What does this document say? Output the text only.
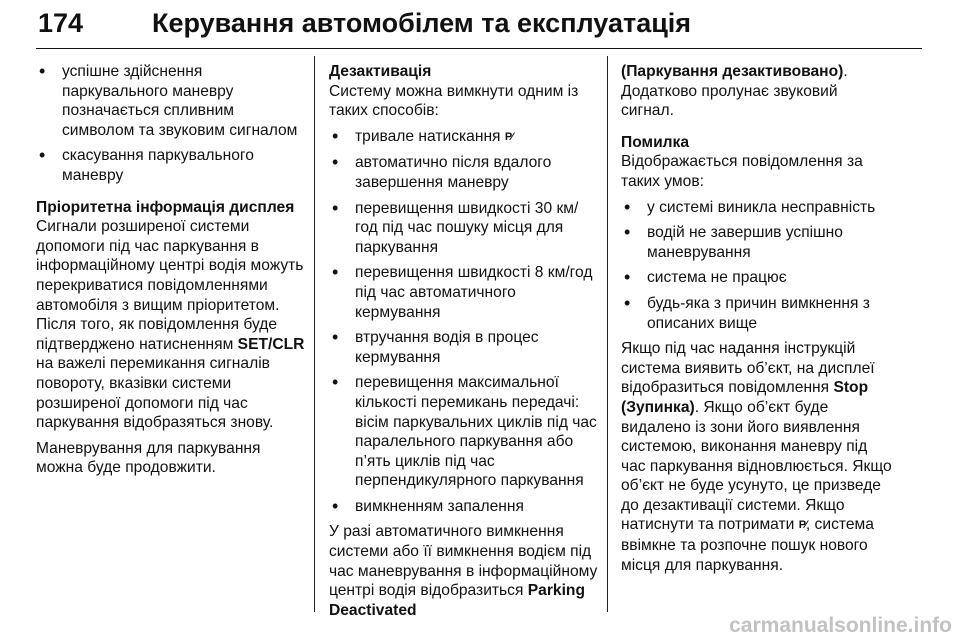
174	Керування автомобілем та експлуатація
• успішне здійснення паркувального маневру позначається спливним символом та звуковим сигналом
• скасування паркувального маневру
Пріоритетна інформація дисплея
Сигнали розширеної системи допомоги під час паркування в інформаційному центрі водія можуть перекриватися повідомленнями автомобіля з вищим пріоритетом. Після того, як повідомлення буде підтверджено натисненням SET/CLR на важелі перемикання сигналів повороту, вказівки системи розширеної допомоги під час паркування відобразяться знову.
Маневрування для паркування можна буде продовжити.
Дезактивація
Систему можна вимкнути одним із таких способів:
• тривале натискання P⁄
• автоматично після вдалого завершення маневру
• перевищення швидкості 30 км/год під час пошуку місця для паркування
• перевищення швидкості 8 км/год під час автоматичного кермування
• втручання водія в процес кермування
• перевищення максимальної кількості перемикань передачі: вісім паркувальних циклів під час паралельного паркування або п’ять циклів під час перпендикулярного паркування
• вимкненням запалення
У разі автоматичного вимкнення системи або її вимкнення водієм під час маневрування в інформаційному центрі водія відобразиться Parking Deactivated
(Паркування дезактивовано). Додатково пролунає звуковий сигнал.
Помилка
Відображається повідомлення за таких умов:
• у системі виникла несправність
• водій не завершив успішно маневрування
• система не працює
• будь-яка з причин вимкнення з описаних вище
Якщо під час надання інструкцій система виявить об’єкт, на дисплеї відобразиться повідомлення Stop (Зупинка). Якщо об’єкт буде видалено із зони його виявлення системою, виконання маневру під час паркування відновлюється. Якщо об’єкт не буде усунуто, це призведе до дезактивації системи. Якщо натиснути та потримати P⁄, система ввімкне та розпочне пошук нового місця для паркування.
carmanualsonline.info
